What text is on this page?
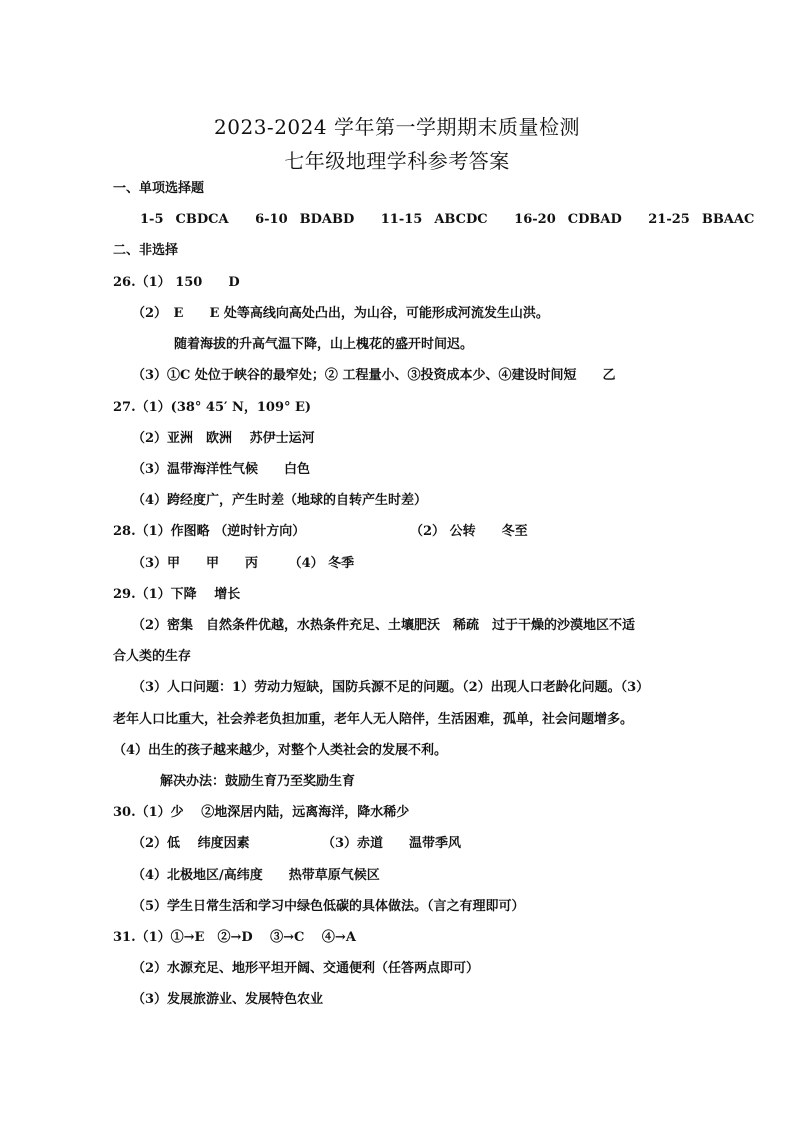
2023-2024 学年第一学期期末质量检测
七年级地理学科参考答案
一、单项选择题
1-5 CBDCA 6-10 BDABD 11-15 ABCDC 16-20 CDBAD 21-25 BBAAC
二、非选择
26.（1） 150　　D
（2）　E　　E 处等高线向高处凸出，为山谷，可能形成河流发生山洪。
随着海拔的升高气温下降，山上槐花的盛开时间迟。
（3）①C 处位于峡谷的最窄处；② 工程量小、③投资成本少、④建设时间短　　乙
27.（1）(38° 45′ N，109° E)
（2）亚洲　欧洲　 苏伊士运河
（3）温带海洋性气候　　白色
（4）跨经度广，产生时差（地球的自转产生时差）
28.（1）作图略 （逆时针方向）	（2） 公转　　冬至
（3）甲　　甲　　丙　　 （4） 冬季
29.（1）下降　 增长
（2）密集　自然条件优越，水热条件充足、土壤肥沃　稀疏　过于干燥的沙漠地区不适
合人类的生存
（3）人口问题：1）劳动力短缺，国防兵源不足的问题。（2）出现人口老龄化问题。（3）
老年人口比重大，社会养老负担加重，老年人无人陪伴，生活困难，孤单，社会问题增多。
（4）出生的孩子越来越少，对整个人类社会的发展不利。
解决办法：鼓励生育乃至奖励生育
30.（1）少　 ②地深居内陆，远离海洋，降水稀少
（2）低　 纬度因素	（3）赤道　　温带季风
（4）北极地区/高纬度　　热带草原气候区
（5）学生日常生活和学习中绿色低碳的具体做法。（言之有理即可）
31.（1）①→E　②→D　 ③→C　 ④→A
（2）水源充足、地形平坦开阔、交通便利（任答两点即可）
（3）发展旅游业、发展特色农业
